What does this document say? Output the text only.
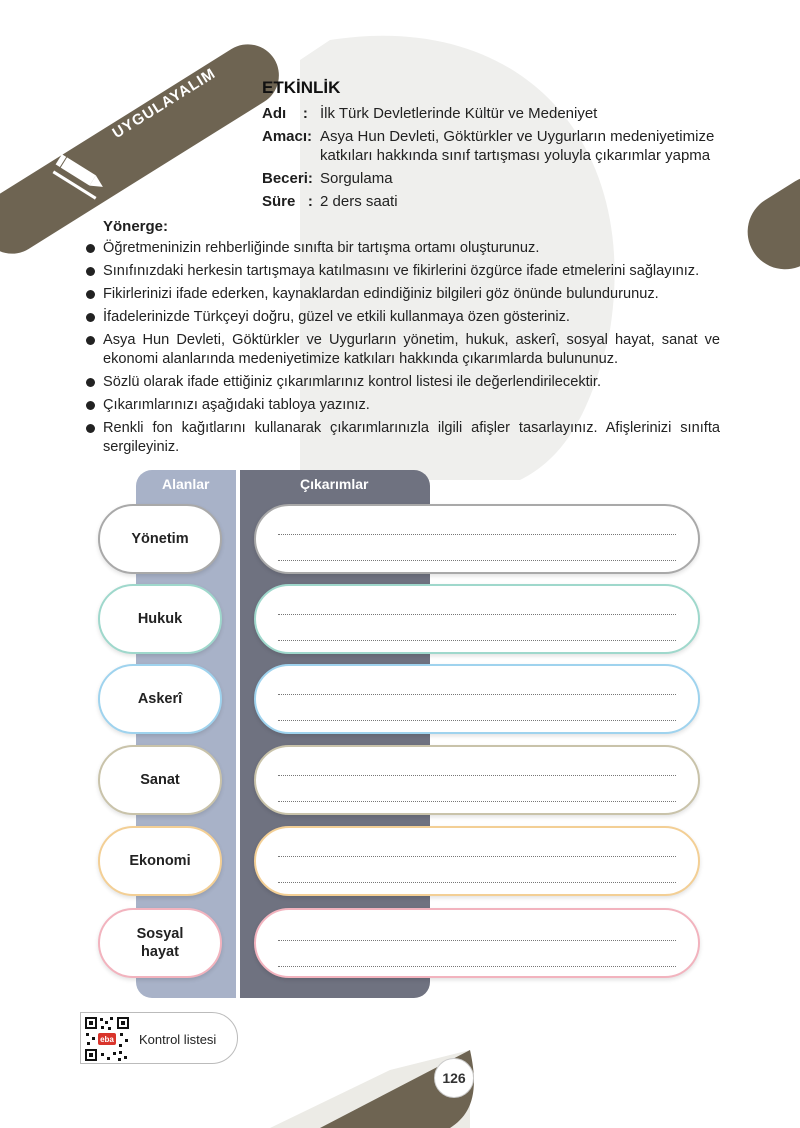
UYGULAYALIM	ETKİNLİK
Adı : İlk Türk Devletlerinde Kültür ve Medeniyet
Amacı: Asya Hun Devleti, Göktürkler ve Uygurların medeniyetimize katkıları hakkında sınıf tartışması yoluyla çıkarımlar yapma
Beceri: Sorgulama
Süre : 2 ders saati
Yönerge:
Öğretmeninizin rehberliğinde sınıfta bir tartışma ortamı oluşturunuz.
Sınıfınızdaki herkesin tartışmaya katılmasını ve fikirlerini özgürce ifade etmelerini sağlayınız.
Fikirlerinizi ifade ederken, kaynaklardan edindiğiniz bilgileri göz önünde bulundurunuz.
İfadelerinizde Türkçeyi doğru, güzel ve etkili kullanmaya özen gösteriniz.
Asya Hun Devleti, Göktürkler ve Uygurların yönetim, hukuk, askerî, sosyal hayat, sanat ve ekonomi alanlarında medeniyetimize katkıları hakkında çıkarımlarda bulununuz.
Sözlü olarak ifade ettiğiniz çıkarımlarınız kontrol listesi ile değerlendirilecektir.
Çıkarımlarınızı aşağıdaki tabloya yazınız.
Renkli fon kağıtlarını kullanarak çıkarımlarınızla ilgili afişler tasarlayınız. Afişlerinizi sınıfta sergileyiniz.
Alanlar	Çıkarımlar
Yönetim
Hukuk
Askerî
Sanat
Ekonomi
Sosyal hayat
eba Kontrol listesi
126
